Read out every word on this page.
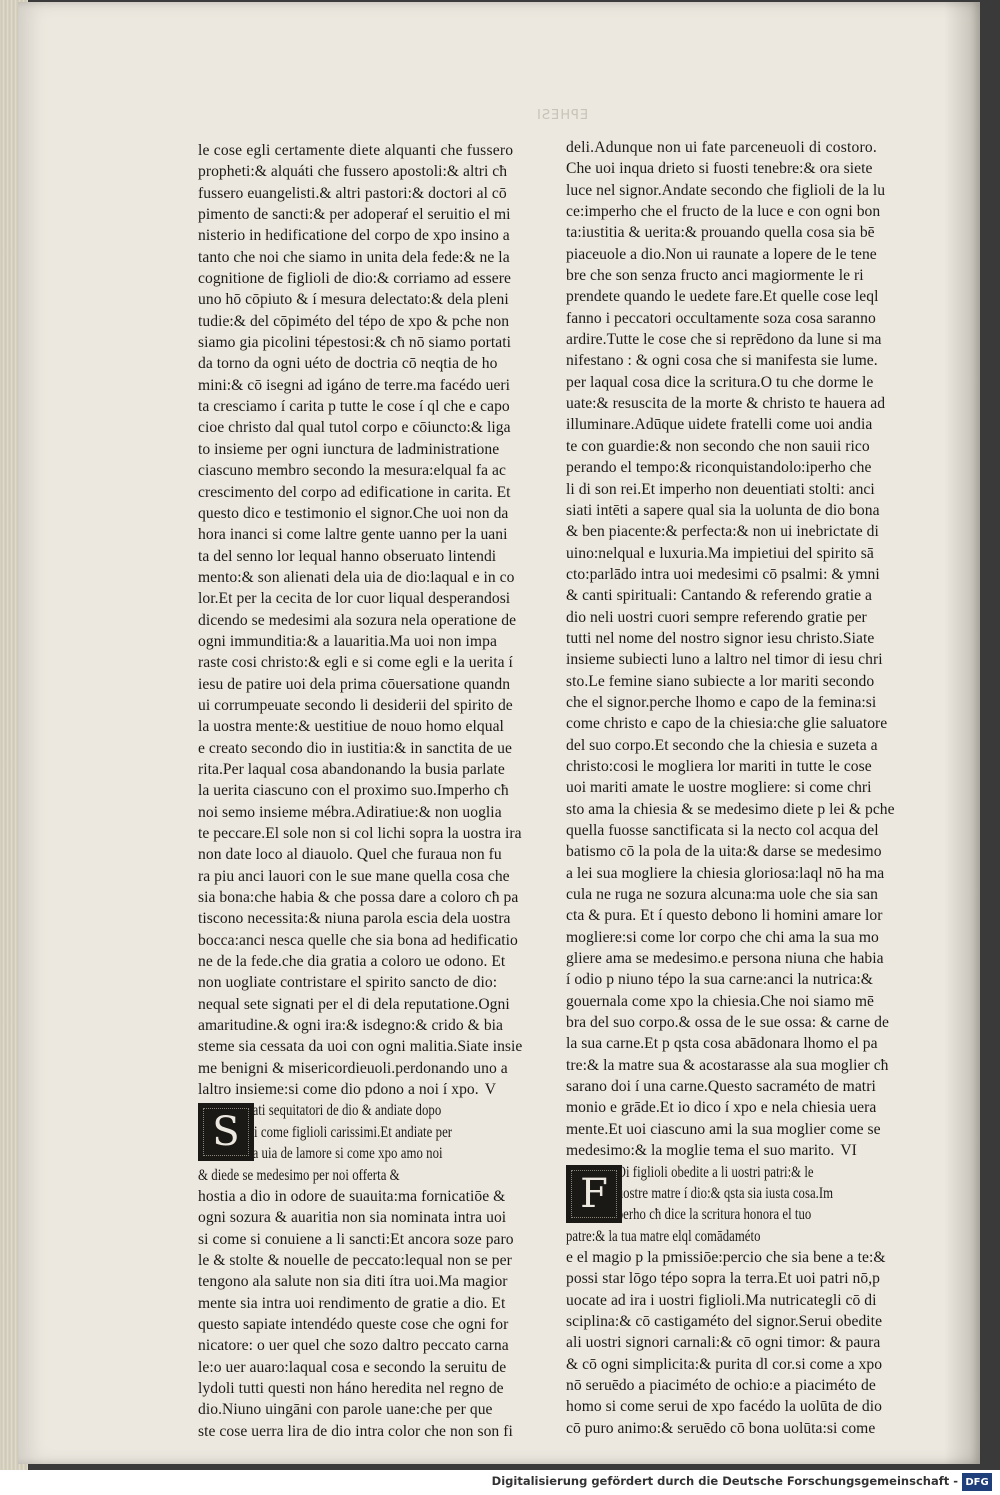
EPHESI
le cose egli certamente diete alquanti che fussero
propheti:& alquáti che fussero apostoli:& altri cħ
fussero euangelisti.& altri pastori:& doctori al cō
pimento de sancti:& per adoperaŕ el seruitio el mi
nisterio in hedificatione del corpo de xpo insino a
tanto che noi che siamo in unita dela fede:& ne la
cognitione de figlioli de dio:& corriamo ad essere
uno hō cōpiuto & í mesura delectato:& dela pleni
tudie:& del cōpiméto del tépo de xpo & pche non
siamo gia picolini tépestosi:& cħ nō siamo portati
da torno da ogni uéto de doctria cō neqtia de ho
mini:& cō isegni ad igáno de terre.ma facédo ueri
ta cresciamo í carita p tutte le cose í ql che e capo
cioe christo dal qual tutol corpo e cōiuncto:& liga
to insieme per ogni iunctura de ladministratione
ciascuno membro secondo la mesura:elqual fa ac
crescimento del corpo ad edificatione in carita. Et
questo dico e testimonio el signor.Che uoi non da
hora inanci si come laltre gente uanno per la uani
ta del senno lor lequal hanno obseruato lintendi
mento:& son alienati dela uia de dio:laqual e in co
lor.Et per la cecita de lor cuor liqual desperandosi
dicendo se medesimi ala sozura nela operatione de
ogni immunditia:& a lauaritia.Ma uoi non impa
raste cosi christo:& egli e si come egli e la uerita í
iesu de patire uoi dela prima cōuersatione quandn
ui corrumpeuate secondo li desiderii del spirito de
la uostra mente:& uestitiue de nouo homo elqual
e creato secondo dio in iustitia:& in sanctita de ue
rita.Per laqual cosa abandonando la busia parlate
la uerita ciascuno con el proximo suo.Imperho cħ
noi semo insieme mébra.Adiratiue:& non uoglia
te peccare.El sole non si col lichi sopra la uostra ira
non date loco al diauolo. Quel che furaua non fu
ra piu anci lauori con le sue mane quella cosa che
sia bona:che habia & che possa dare a coloro cħ pa
tiscono necessita:& niuna parola escia dela uostra
bocca:anci nesca quelle che sia bona ad hedificatio
ne de la fede.che dia gratia a coloro ue odono. Et
non uogliate contristare el spirito sancto de dio:
nequal sete signati per el di dela reputatione.Ogni
amaritudine.& ogni ira:& isdegno:& crido & bia
steme sia cessata da uoi con ogni malitia.Siate insie
me benigni & misericordieuoli.perdonando uno a
laltro insieme:si come dio pdono a noi í xpo. V
S iati sequitatori de dio & andiate dopo
si come figlioli carissimi.Et andiate per
la uia de lamore si come xpo amo noi
& diede se medesimo per noi offerta &
hostia a dio in odore de suauita:ma fornicatiōe &
ogni sozura & auaritia non sia nominata intra uoi
si come si conuiene a li sancti:Et ancora soze paro
le & stolte & nouelle de peccato:lequal non se per
tengono ala salute non sia diti ítra uoi.Ma magior
mente sia intra uoi rendimento de gratie a dio. Et
questo sapiate intendédo queste cose che ogni for
nicatore: o uer quel che sozo daltro peccato carna
le:o uer auaro:laqual cosa e secondo la seruitu de
lydoli tutti questi non háno heredita nel regno de
dio.Niuno uingāni con parole uane:che per que
ste cose uerra lira de dio intra color che non son fi
deli.Adunque non ui fate parceneuoli di costoro.
Che uoi inqua drieto si fuosti tenebre:& ora siete
luce nel signor.Andate secondo che figlioli de la lu
ce:imperho che el fructo de la luce e con ogni bon
ta:iustitia & uerita:& prouando quella cosa sia bē
piaceuole a dio.Non ui raunate a lopere de le tene
bre che son senza fructo anci magiormente le ri
prendete quando le uedete fare.Et quelle cose leql
fanno i peccatori occultamente soza cosa saranno
ardire.Tutte le cose che si reprēdono da lune si ma
nifestano : & ogni cosa che si manifesta sie lume.
per laqual cosa dice la scritura.O tu che dorme le
uate:& resuscita de la morte & christo te hauera ad
illuminare.Adūque uidete fratelli come uoi andia
te con guardie:& non secondo che non sauii rico
perando el tempo:& riconquistandolo:iperho che
li di son rei.Et imperho non deuentiati stolti: anci
siati intēti a sapere qual sia la uolunta de dio bona
& ben piacente:& perfecta:& non ui inebrictate di
uino:nelqual e luxuria.Ma impietiui del spirito sā
cto:parlādo intra uoi medesimi cō psalmi: & ymni
& canti spirituali: Cantando & referendo gratie a
dio neli uostri cuori sempre referendo gratie per
tutti nel nome del nostro signor iesu christo.Siate
insieme subiecti luno a laltro nel timor di iesu chri
sto.Le femine siano subiecte a lor mariti secondo
che el signor.perche lhomo e capo de la femina:si
come christo e capo de la chiesia:che glie saluatore
del suo corpo.Et secondo che la chiesia e suzeta a
christo:cosi le mogliera lor mariti in tutte le cose
uoi mariti amate le uostre mogliere: si come chri
sto ama la chiesia & se medesimo diete p lei & pche
quella fuosse sanctificata si la necto col acqua del
batismo cō la pola de la uita:& darse se medesimo
a lei sua mogliere la chiesia gloriosa:laql nō ha ma
cula ne ruga ne sozura alcuna:ma uole che sia san
cta & pura. Et í questo debono li homini amare lor
mogliere:si come lor corpo che chi ama la sua mo
gliere ama se medesimo.e persona niuna che habia
í odio p niuno tépo la sua carne:anci la nutrica:&
gouernala come xpo la chiesia.Che noi siamo mē
bra del suo corpo.& ossa de le sue ossa: & carne de
la sua carne.Et p qsta cosa abādonara lhomo el pa
tre:& la matre sua & acostarasse ala sua moglier cħ
sarano doi í una carne.Questo sacraméto de matri
monio e grāde.Et io dico í xpo e nela chiesia uera
mente.Et uoi ciascuno ami la sua moglier come se
medesimo:& la moglie tema el suo marito. VI
F Oi figlioli obedite a li uostri patri:& le
uostre matre í dio:& qsta sia iusta cosa.Im
perho cħ dice la scritura honora el tuo
patre:& la tua matre elql comādaméto
e el magio p la pmissiōe:percio che sia bene a te:&
possi star lōgo tépo sopra la terra.Et uoi patri nō,p
uocate ad ira i uostri figlioli.Ma nutricategli cō di
sciplina:& cō castigaméto del signor.Serui obedite
ali uostri signori carnali:& cō ogni timor: & paura
& cō ogni simplicita:& purita dl cor.si come a xpo
nō seruēdo a piaciméto de ochio:e a piaciméto de
homo si come serui de xpo facédo la uolūta de dio
cō puro animo:& seruēdo cō bona uolūta:si come
Digitalisierung gefördert durch die Deutsche Forschungsgemeinschaft - DFG
